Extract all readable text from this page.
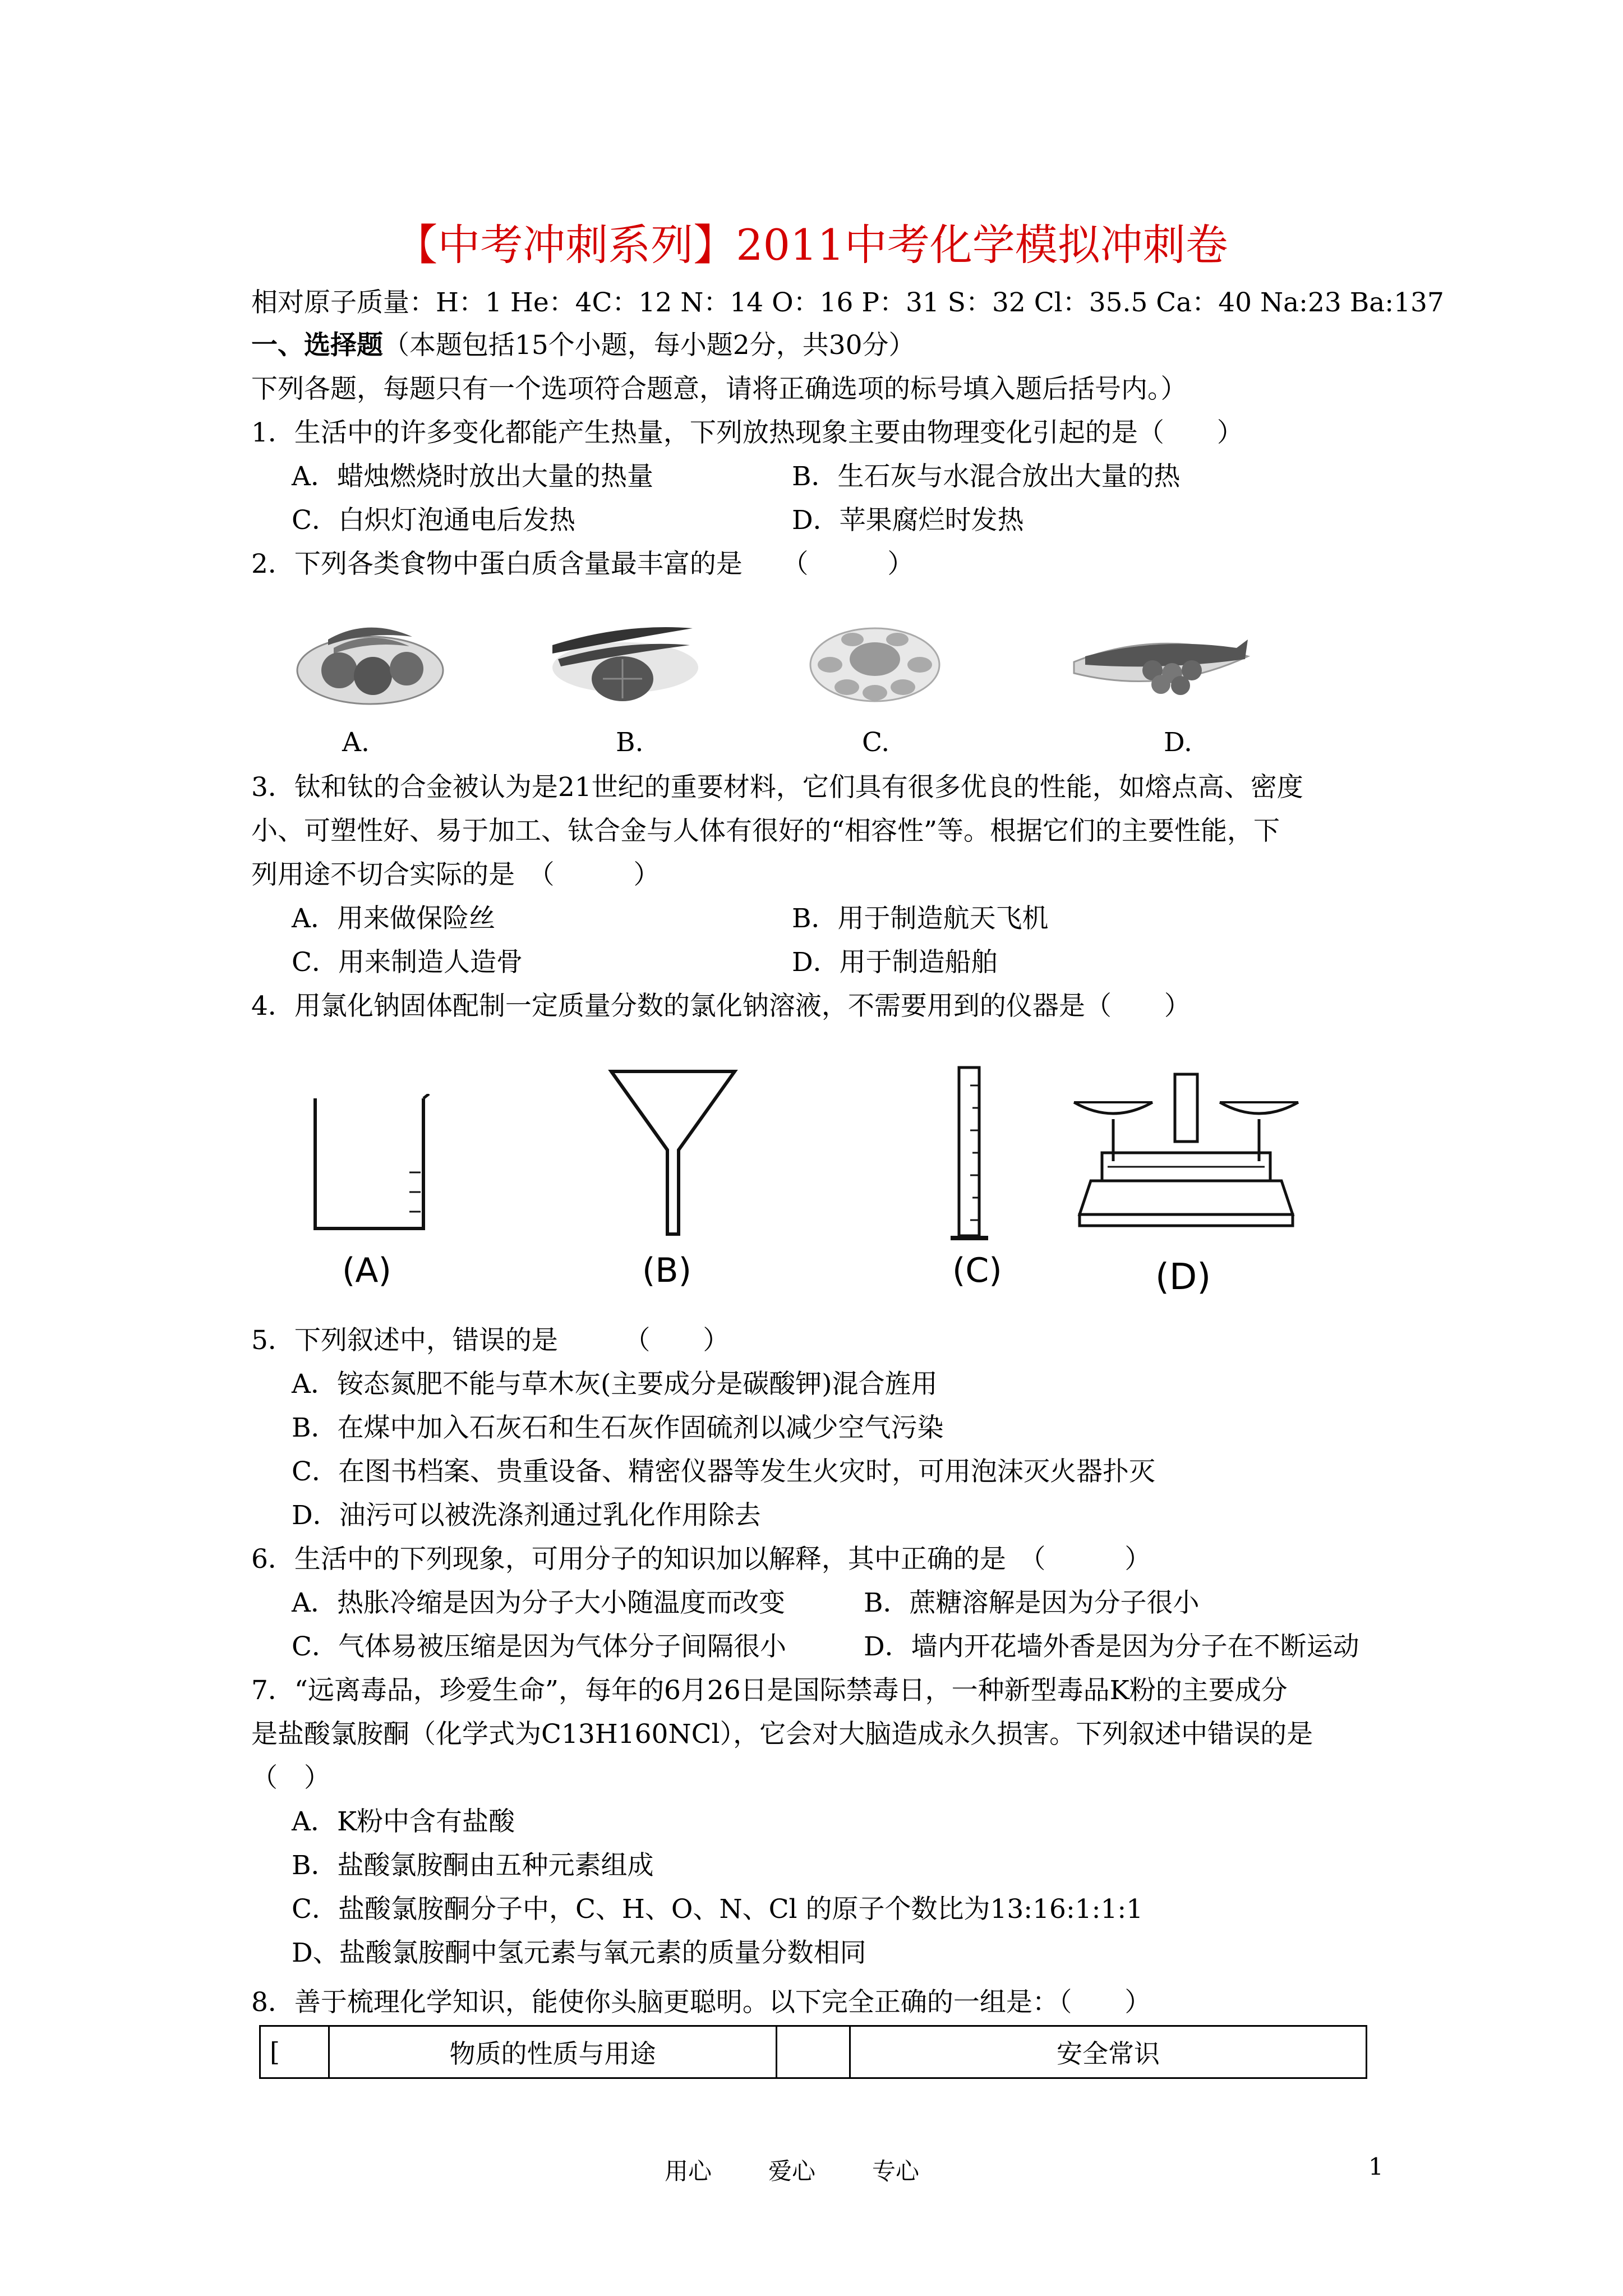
【中考冲刺系列】2011中考化学模拟冲刺卷
相对原子质量：H：1 He：4C：12 N：14 O：16 P：31 S：32 Cl：35.5 Ca：40 Na:23 Ba:137
一、选择题（本题包括15个小题，每小题2分，共30分）
下列各题，每题只有一个选项符合题意，请将正确选项的标号填入题后括号内。）
1．生活中的许多变化都能产生热量，下列放热现象主要由物理变化引起的是（　　）
A．蜡烛燃烧时放出大量的热量	B．生石灰与水混合放出大量的热
C．白炽灯泡通电后发热	D．苹果腐烂时发热
2．下列各类食物中蛋白质含量最丰富的是　　（　　　）
A.	B.	C.	D.
3．钛和钛的合金被认为是21世纪的重要材料，它们具有很多优良的性能，如熔点高、密度
小、可塑性好、易于加工、钛合金与人体有很好的“相容性”等。根据它们的主要性能，下
列用途不切合实际的是　（　　　）
A．用来做保险丝	B．用于制造航天飞机
C．用来制造人造骨	D．用于制造船舶
4．用氯化钠固体配制一定质量分数的氯化钠溶液，不需要用到的仪器是（　　）
(A)	(B)	(C)	(D)
5．下列叙述中，错误的是　　　（　　）
A．铵态氮肥不能与草木灰(主要成分是碳酸钾)混合旌用
B．在煤中加入石灰石和生石灰作固硫剂以减少空气污染
C．在图书档案、贵重设备、精密仪器等发生火灾时，可用泡沫灭火器扑灭
D．油污可以被洗涤剂通过乳化作用除去
6．生活中的下列现象，可用分子的知识加以解释，其中正确的是　（　　　）
A．热胀冷缩是因为分子大小随温度而改变	B．蔗糖溶解是因为分子很小
C．气体易被压缩是因为气体分子间隔很小	D．墙内开花墙外香是因为分子在不断运动
7．“远离毒品，珍爱生命”，每年的6月26日是国际禁毒日，一种新型毒品K粉的主要成分
是盐酸氯胺酮（化学式为C13H160NCl），它会对大脑造成永久损害。下列叙述中错误的是
（　）
A．K粉中含有盐酸
B．盐酸氯胺酮由五种元素组成
C．盐酸氯胺酮分子中，C、H、O、N、Cl 的原子个数比为13:16:1:1:1
D、盐酸氯胺酮中氢元素与氧元素的质量分数相同
8．善于梳理化学知识，能使你头脑更聪明。以下完全正确的一组是：（　　）
[	物质的性质与用途		安全常识
用心 爱心 专心	1
